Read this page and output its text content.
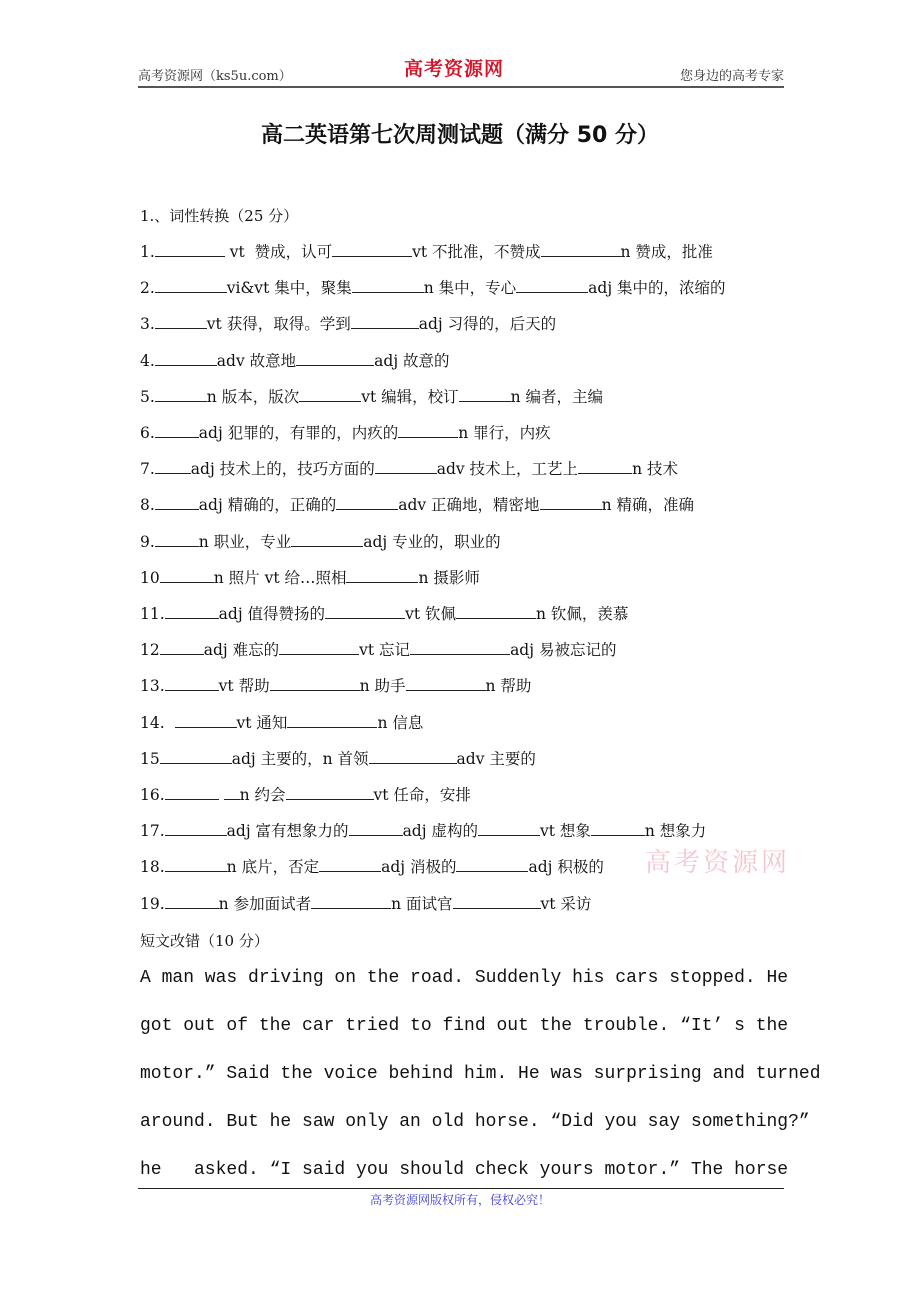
高考资源网（ks5u.com）	高考资源网	您身边的高考专家
高二英语第七次周测试题（满分 50 分）
1.、词性转换（25 分）
1.	vt  赞成，认可	vt 不批准，不赞成	n 赞成，批准
2.	vi&vt 集中，聚集	n 集中，专心	adj 集中的，浓缩的
3.	vt 获得，取得。学到	adj 习得的，后天的
4.	adv 故意地	adj 故意的
5.	n 版本，版次	vt 编辑，校订	n 编者，主编
6.	adj 犯罪的，有罪的，内疚的	n 罪行，内疚
7. adj 技术上的，技巧方面的	adv 技术上，工艺上	n 技术
8.	adj 精确的，正确的	adv 正确地，精密地	n 精确，准确
9.	n 职业，专业	adj 专业的，职业的
10	n 照片 vt 给…照相	n 摄影师
11.	adj 值得赞扬的	vt 钦佩	n 钦佩，羡慕
12	adj 难忘的	vt 忘记	adj 易被忘记的
13.	vt 帮助	n 助手	n 帮助
14.	vt 通知	n 信息
15	adj 主要的，n 首领	adv 主要的
16.	n 约会	vt 任命，安排
17.	adj 富有想象力的	adj 虚构的	vt 想象	n 想象力
18.	n 底片，否定	adj 消极的	adj 积极的
19.	n 参加面试者	n 面试官	vt 采访
短文改错（10 分）
A man was driving on the road. Suddenly his cars stopped. He
got out of the car tried to find out the trouble. “It’ s the
motor.” Said the voice behind him. He was surprising and turned
around. But he saw only an old horse. “Did you say something?”
he   asked. “I said you should check yours motor.” The horse
高考资源网
高考资源网版权所有，侵权必究！
